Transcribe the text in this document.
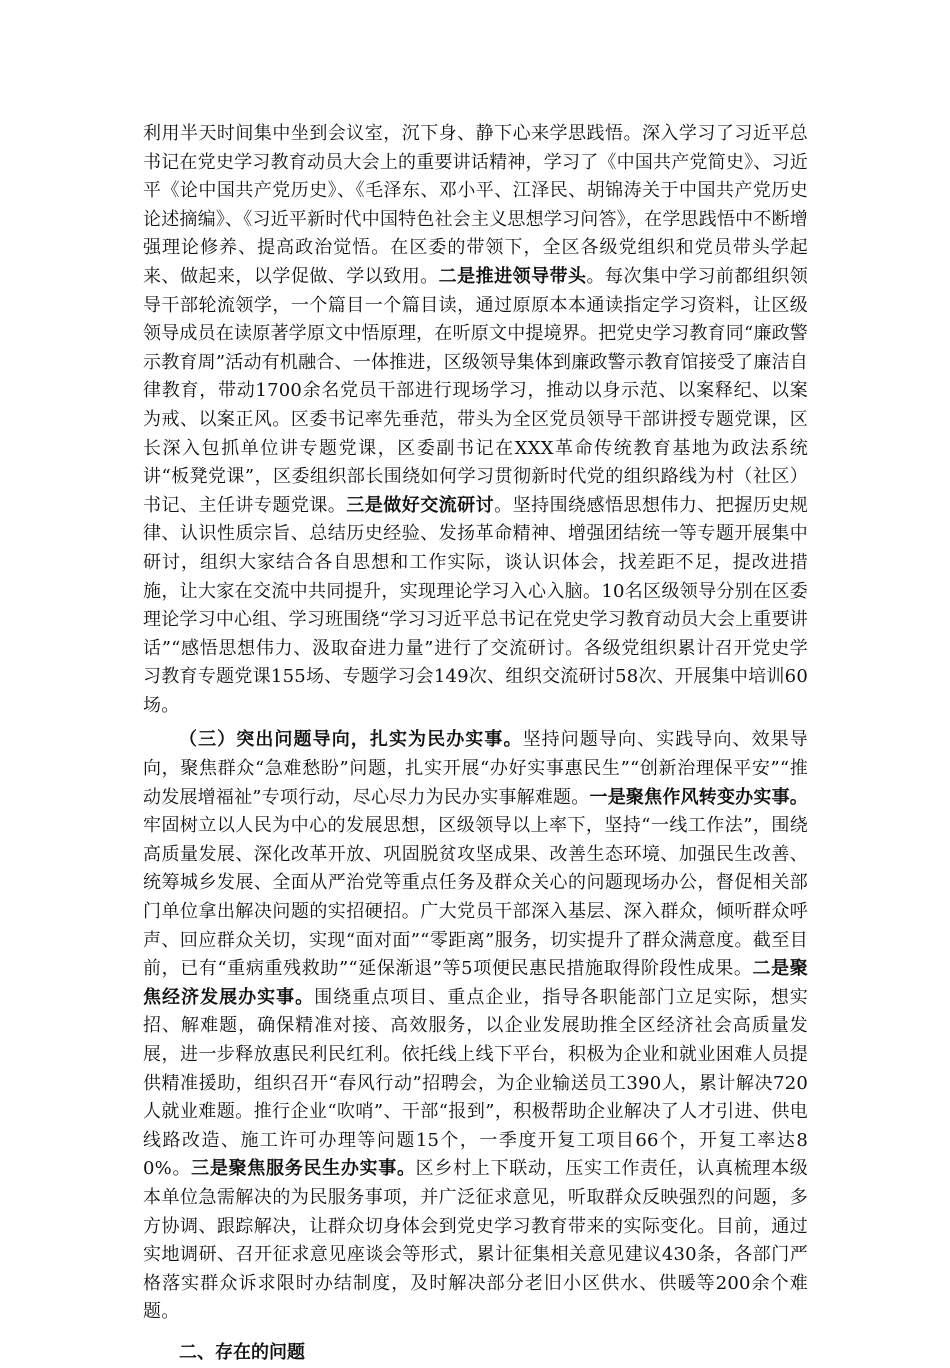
利用半天时间集中坐到会议室，沉下身、静下心来学思践悟。深入学习了习近平总书记在党史学习教育动员大会上的重要讲话精神，学习了《中国共产党简史》、习近平《论中国共产党历史》、《毛泽东、邓小平、江泽民、胡锦涛关于中国共产党历史论述摘编》、《习近平新时代中国特色社会主义思想学习问答》，在学思践悟中不断增强理论修养、提高政治觉悟。在区委的带领下，全区各级党组织和党员带头学起来、做起来，以学促做、学以致用。二是推进领导带头。每次集中学习前都组织领导干部轮流领学，一个篇目一个篇目读，通过原原本本通读指定学习资料，让区级领导成员在读原著学原文中悟原理，在听原文中提境界。把党史学习教育同“廉政警示教育周”活动有机融合、一体推进，区级领导集体到廉政警示教育馆接受了廉洁自律教育，带动1700余名党员干部进行现场学习，推动以身示范、以案释纪、以案为戒、以案正风。区委书记率先垂范，带头为全区党员领导干部讲授专题党课，区长深入包抓单位讲专题党课，区委副书记在XXX革命传统教育基地为政法系统讲“板凳党课”，区委组织部长围绕如何学习贯彻新时代党的组织路线为村（社区）书记、主任讲专题党课。三是做好交流研讨。坚持围绕感悟思想伟力、把握历史规律、认识性质宗旨、总结历史经验、发扬革命精神、增强团结统一等专题开展集中研讨，组织大家结合各自思想和工作实际，谈认识体会，找差距不足，提改进措施，让大家在交流中共同提升，实现理论学习入心入脑。10名区级领导分别在区委理论学习中心组、学习班围绕“学习习近平总书记在党史学习教育动员大会上重要讲话”“感悟思想伟力、汲取奋进力量”进行了交流研讨。各级党组织累计召开党史学习教育专题党课155场、专题学习会149次、组织交流研讨58次、开展集中培训60场。

（三）突出问题导向，扎实为民办实事。坚持问题导向、实践导向、效果导向，聚焦群众“急难愁盼”问题，扎实开展“办好实事惠民生”“创新治理保平安”“推动发展增福祉”专项行动，尽心尽力为民办实事解难题。一是聚焦作风转变办实事。牢固树立以人民为中心的发展思想，区级领导以上率下，坚持“一线工作法”，围绕高质量发展、深化改革开放、巩固脱贫攻坚成果、改善生态环境、加强民生改善、统筹城乡发展、全面从严治党等重点任务及群众关心的问题现场办公，督促相关部门单位拿出解决问题的实招硬招。广大党员干部深入基层、深入群众，倾听群众呼声、回应群众关切，实现“面对面”“零距离”服务，切实提升了群众满意度。截至目前，已有“重病重残救助”“延保渐退”等5项便民惠民措施取得阶段性成果。二是聚焦经济发展办实事。围绕重点项目、重点企业，指导各职能部门立足实际，想实招、解难题，确保精准对接、高效服务，以企业发展助推全区经济社会高质量发展，进一步释放惠民利民红利。依托线上线下平台，积极为企业和就业困难人员提供精准援助，组织召开“春风行动”招聘会，为企业输送员工390人，累计解决720人就业难题。推行企业“吹哨”、干部“报到”，积极帮助企业解决了人才引进、供电线路改造、施工许可办理等问题15个，一季度开复工项目66个，开复工率达80%。三是聚焦服务民生办实事。区乡村上下联动，压实工作责任，认真梳理本级本单位急需解决的为民服务事项，并广泛征求意见，听取群众反映强烈的问题，多方协调、跟踪解决，让群众切身体会到党史学习教育带来的实际变化。目前，通过实地调研、召开征求意见座谈会等形式，累计征集相关意见建议430条，各部门严格落实群众诉求限时办结制度，及时解决部分老旧小区供水、供暖等200余个难题。

二、存在的问题
